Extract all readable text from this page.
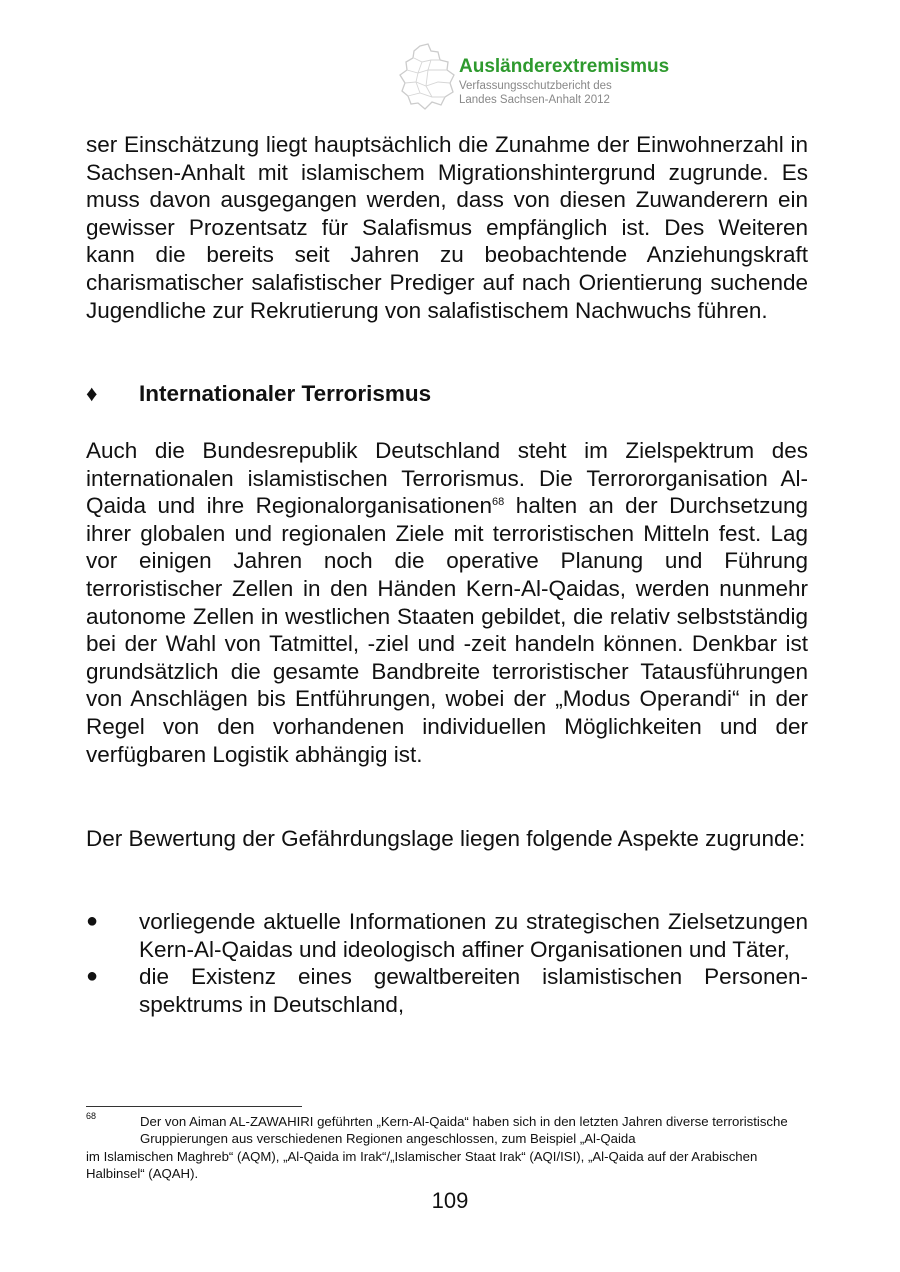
Ausländerextremismus
Verfassungsschutzbericht des
Landes Sachsen-Anhalt 2012

ser Einschätzung liegt hauptsächlich die Zunahme der Einwohnerzahl in Sachsen-Anhalt mit islamischem Migrationshintergrund zugrunde. Es muss davon ausgegangen werden, dass von diesen Zuwanderern ein gewisser Prozentsatz für Salafismus empfänglich ist. Des Weiteren kann die bereits seit Jahren zu beobachtende Anziehungskraft charismatischer salafistischer Prediger auf nach Orientierung suchende Jugendliche zur Rekrutierung von salafistischem Nachwuchs führen.

♦ Internationaler Terrorismus

Auch die Bundesrepublik Deutschland steht im Zielspektrum des internationalen islamistischen Terrorismus. Die Terrororganisation Al-Qaida und ihre Regionalorganisationen$^{68}$ halten an der Durchsetzung ihrer globalen und regionalen Ziele mit terroristischen Mitteln fest. Lag vor einigen Jahren noch die operative Planung und Führung terroristischer Zellen in den Händen Kern-Al-Qaidas, werden nunmehr autonome Zellen in westlichen Staaten gebildet, die relativ selbstständig bei der Wahl von Tatmittel, -ziel und -zeit handeln können. Denkbar ist grundsätzlich die gesamte Bandbreite terroristischer Tatausführungen von Anschlägen bis Entführungen, wobei der „Modus Operandi“ in der Regel von den vorhandenen individuellen Möglichkeiten und der verfügbaren Logistik abhängig ist.

Der Bewertung der Gefährdungslage liegen folgende Aspekte zugrunde:

● vorliegende aktuelle Informationen zu strategischen Zielsetzungen Kern-Al-Qaidas und ideologisch affiner Organisationen und Täter,
● die Existenz eines gewaltbereiten islamistischen Personenspektrums in Deutschland,
68	Der von Aiman AL-ZAWAHIRI geführten „Kern-Al-Qaida“ haben sich in den letzten Jahren diverse terroristische Gruppierungen aus verschiedenen Regionen angeschlossen, zum Beispiel „Al-Qaida
im Islamischen Maghreb“ (AQM), „Al-Qaida im Irak“/„Islamischer Staat Irak“ (AQI/ISI), „Al-Qaida auf der Arabischen Halbinsel“ (AQAH).

109
